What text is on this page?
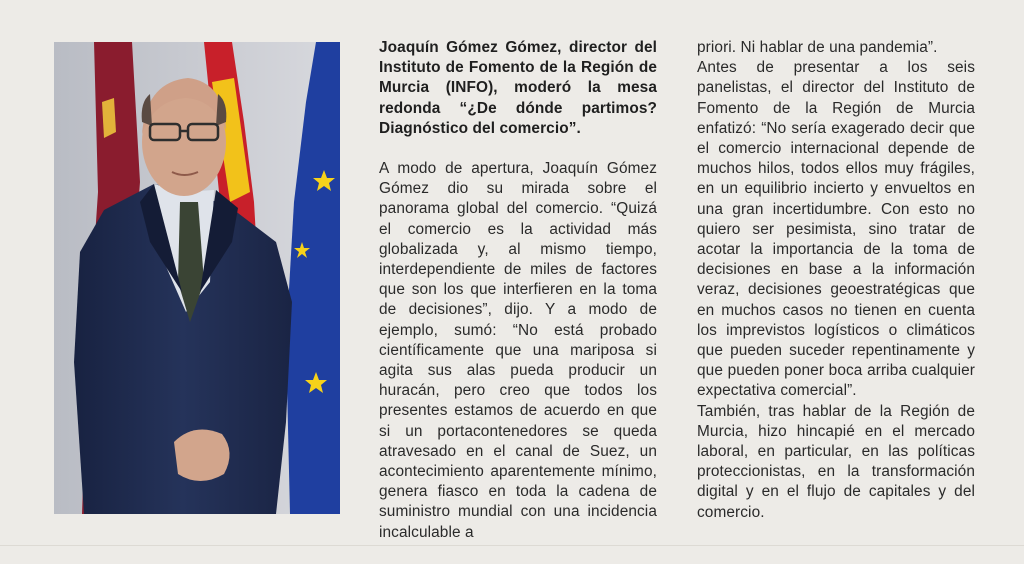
Joaquín Gómez Gómez, director del Instituto de Fomento de la Región de Murcia (INFO), moderó la mesa redonda “¿De dónde partimos? Diagnóstico del comercio”.

A modo de apertura, Joaquín Gómez Gómez dio su mirada sobre el panorama global del comercio. “Quizá el comercio es la actividad más globalizada y, al mismo tiempo, interdependiente de miles de factores que son los que interfieren en la toma de decisiones”, dijo. Y a modo de ejemplo, sumó: “No está probado científicamente que una mariposa si agita sus alas pueda producir un huracán, pero creo que todos los presentes estamos de acuerdo en que si un portacontenedores se queda atravesado en el canal de Suez, un acontecimiento aparentemente mínimo, genera fiasco en toda la cadena de suministro mundial con una incidencia incalculable a

priori. Ni hablar de una pandemia”.

Antes de presentar a los seis panelistas, el director del Instituto de Fomento de la Región de Murcia enfatizó: “No sería exagerado decir que el comercio internacional depende de muchos hilos, todos ellos muy frágiles, en un equilibrio incierto y envueltos en una gran incertidumbre. Con esto no quiero ser pesimista, sino tratar de acotar la importancia de la toma de decisiones en base a la información veraz, decisiones geoestratégicas que en muchos casos no tienen en cuenta los imprevistos logísticos o climáticos que pueden suceder repentinamente y que pueden poner boca arriba cualquier expectativa comercial”.

También, tras hablar de la Región de Murcia, hizo hincapié en el mercado laboral, en particular, en las políticas proteccionistas, en la transformación digital y en el flujo de capitales y del comercio.
